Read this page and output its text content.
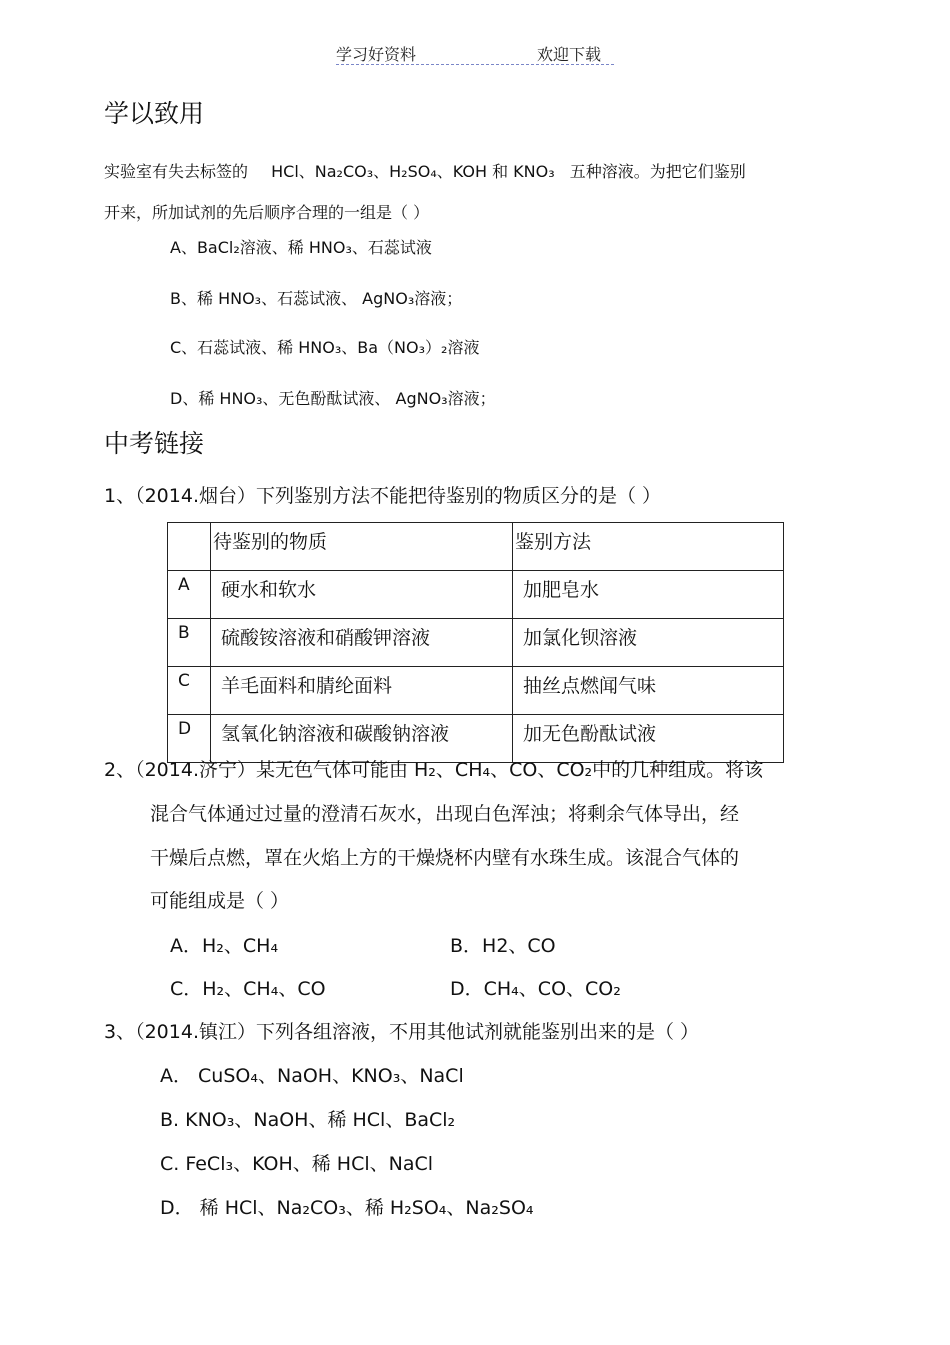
学习好资料	欢迎下载
学以致用
实验室有失去标签的 HCl、Na₂CO₃、H₂SO₄、KOH 和 KNO₃ 五种溶液。为把它们鉴别
开来，所加试剂的先后顺序合理的一组是（ ）
A、BaCl₂溶液、稀 HNO₃、石蕊试液
B、稀 HNO₃、石蕊试液、 AgNO₃溶液；
C、石蕊试液、稀 HNO₃、Ba（NO₃）₂溶液
D、稀 HNO₃、无色酚酞试液、 AgNO₃溶液；
中考链接
1、（2014.烟台）下列鉴别方法不能把待鉴别的物质区分的是（ ）
	待鉴别的物质	鉴别方法
A	硬水和软水	加肥皂水
B	硫酸铵溶液和硝酸钾溶液	加氯化钡溶液
C	羊毛面料和腈纶面料	抽丝点燃闻气味
D	氢氧化钠溶液和碳酸钠溶液	加无色酚酞试液
2、（2014.济宁）某无色气体可能由 H₂、CH₄、CO、CO₂中的几种组成。将该
混合气体通过过量的澄清石灰水，出现白色浑浊；将剩余气体导出，经
干燥后点燃，罩在火焰上方的干燥烧杯内壁有水珠生成。该混合气体的
可能组成是（ ）
A．H₂、CH₄	B．H2、CO
C．H₂、CH₄、CO	D．CH₄、CO、CO₂
3、（2014.镇江）下列各组溶液，不用其他试剂就能鉴别出来的是（ ）
A． CuSO₄、NaOH、KNO₃、NaCl
B. KNO₃、NaOH、稀 HCl、BaCl₂
C. FeCl₃、KOH、稀 HCl、NaCl
D． 稀 HCl、Na₂CO₃、稀 H₂SO₄、Na₂SO₄
